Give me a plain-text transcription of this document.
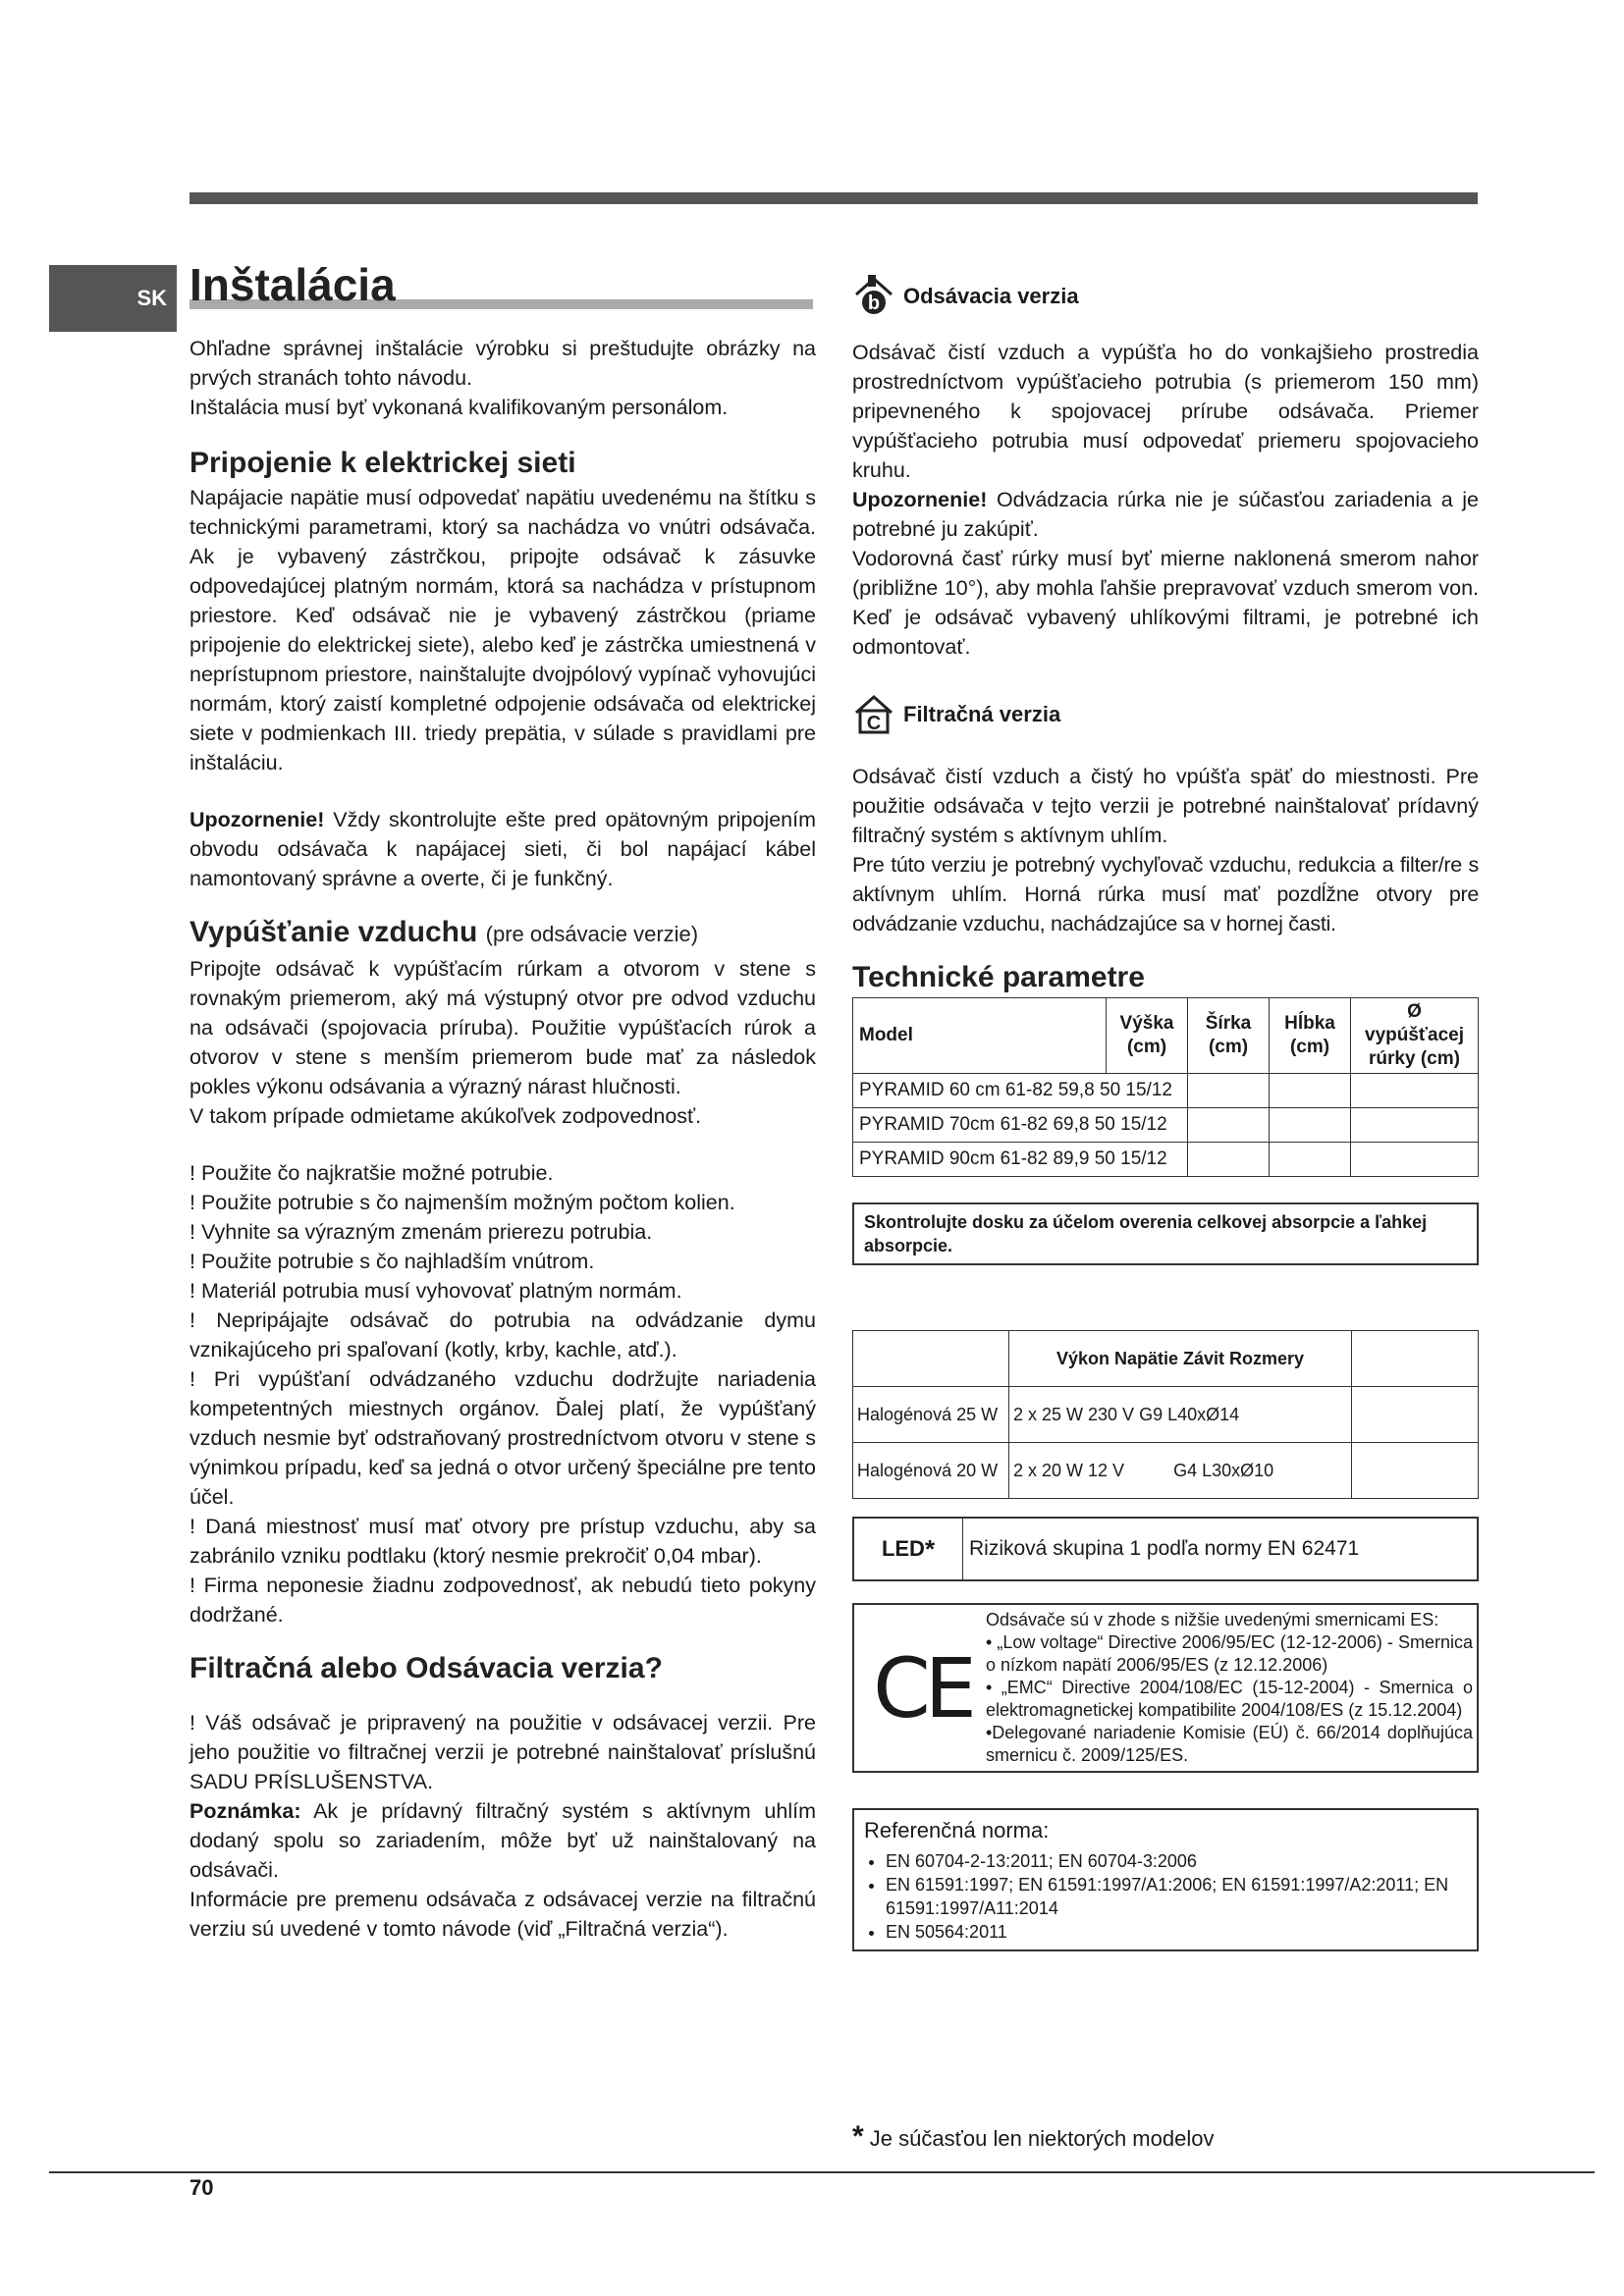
SK Inštalácia

Ohľadne správnej inštalácie výrobku si preštudujte obrázky na prvých stranách tohto návodu.

Inštalácia musí byť vykonaná kvalifikovaným personálom.

Pripojenie k elektrickej sieti

Napájacie napätie musí odpovedať napätiu uvedenému na štítku s technickými parametrami, ktorý sa nachádza vo vnútri odsávača. Ak je vybavený zástrčkou, pripojte odsávač k zásuvke odpovedajúcej platným normám, ktorá sa nachádza v prístupnom priestore. Keď odsávač nie je vybavený zástrčkou (priame pripojenie do elektrickej siete), alebo keď je zástrčka umiestnená v neprístupnom priestore, nainštalujte dvojpólový vypínač vyhovujúci normám, ktorý zaistí kompletné odpojenie odsávača od elektrickej siete v podmienkach III. triedy prepätia, v súlade s pravidlami pre inštaláciu.

Upozornenie! Vždy skontrolujte ešte pred opätovným pripojením obvodu odsávača k napájacej sieti, či bol napájací kábel namontovaný správne a overte, či je funkčný.

Vypúšťanie vzduchu (pre odsávacie verzie)

Pripojte odsávač k vypúšťacím rúrkam a otvorom v stene s rovnakým priemerom, aký má výstupný otvor pre odvod vzduchu na odsávači (spojovacia príruba). Použitie vypúšťacích rúrok a otvorov v stene s menším priemerom bude mať za následok pokles výkonu odsávania a výrazný nárast hlučnosti.

V takom prípade odmietame akúkoľvek zodpovednosť.

! Použite čo najkratšie možné potrubie.

! Použite potrubie s čo najmenším možným počtom kolien.

! Vyhnite sa výrazným zmenám prierezu potrubia.

! Použite potrubie s čo najhladším vnútrom.

! Materiál potrubia musí vyhovovať platným normám.

! Nepripájajte odsávač do potrubia na odvádzanie dymu vznikajúceho pri spaľovaní (kotly, krby, kachle, atď.).

! Pri vypúšťaní odvádzaného vzduchu dodržujte nariadenia kompetentných miestnych orgánov. Ďalej platí, že vypúšťaný vzduch nesmie byť odstraňovaný prostredníctvom otvoru v stene s výnimkou prípadu, keď sa jedná o otvor určený špeciálne pre tento účel.

! Daná miestnosť musí mať otvory pre prístup vzduchu, aby sa zabránilo vzniku podtlaku (ktorý nesmie prekročiť 0,04 mbar).

! Firma neponesie žiadnu zodpovednosť, ak nebudú tieto pokyny dodržané.

Filtračná alebo Odsávacia verzia?

! Váš odsávač je pripravený na použitie v odsávacej verzii. Pre jeho použitie vo filtračnej verzii je potrebné nainštalovať príslušnú SADU PRÍSLUŠENSTVA.

Poznámka: Ak je prídavný filtračný systém s aktívnym uhlím dodaný spolu so zariadením, môže byť už nainštalovaný na odsávači.

Informácie pre premenu odsávača z odsávacej verzie na filtračnú verziu sú uvedené v tomto návode (viď „Filtračná verzia“).

b Odsávacia verzia

Odsávač čistí vzduch a vypúšťa ho do vonkajšieho prostredia prostredníctvom vypúšťacieho potrubia (s priemerom 150 mm) pripevneného k spojovacej prírube odsávača. Priemer vypúšťacieho potrubia musí odpovedať priemeru spojovacieho kruhu.

Upozornenie! Odvádzacia rúrka nie je súčasťou zariadenia a je potrebné ju zakúpiť.

Vodorovná časť rúrky musí byť mierne naklonená smerom nahor (približne 10°), aby mohla ľahšie prepravovať vzduch smerom von. Keď je odsávač vybavený uhlíkovými filtrami, je potrebné ich odmontovať.

C Filtračná verzia

Odsávač čistí vzduch a čistý ho vpúšťa späť do miestnosti. Pre použitie odsávača v tejto verzii je potrebné nainštalovať prídavný filtračný systém s aktívnym uhlím.

Pre túto verziu je potrebný vychyľovač vzduchu, redukcia a filter/re s aktívnym uhlím. Horná rúrka musí mať pozdĺžne otvory pre odvádzanie vzduchu, nachádzajúce sa v hornej časti.

Technické parametre
Model	Výška (cm)	Šírka (cm)	Hĺbka (cm)	Ø vypúšťacej rúrky (cm)
PYRAMID 60 cm 61-82 59,8 50 15/12				
PYRAMID 70cm 61-82 69,8 50 15/12				
PYRAMID 90cm 61-82 89,9 50 15/12				
Skontrolujte dosku za účelom overenia celkovej absorpcie a ľahkej absorpcie.
	Výkon Napätie Závit Rozmery	
Halogénová 25 W	2 x 25 W 230 V G9 L40xØ14	
Halogénová 20 W	2 x 20 W 12 V          G4 L30xØ10	
LED * Riziková skupina 1 podľa normy EN 62471
CE
Odsávače sú v zhode s nižšie uvedenými smernicami ES:
• „Low voltage“ Directive 2006/95/EC (12-12-2006) - Smernica o nízkom napätí 2006/95/ES (z 12.12.2006)
• „EMC“ Directive 2004/108/EC (15-12-2004) - Smernica o elektromagnetickej kompatibilite 2004/108/ES (z 15.12.2004)
•Delegované nariadenie Komisie (EÚ) č. 66/2014 doplňujúca smernicu č. 2009/125/ES.
Referenčná norma:
• EN 60704-2-13:2011; EN 60704-3:2006
• EN 61591:1997; EN 61591:1997/A1:2006; EN 61591:1997/A2:2011; EN 61591:1997/A11:2014
• EN 50564:2011
* Je súčasťou len niektorých modelov
70
